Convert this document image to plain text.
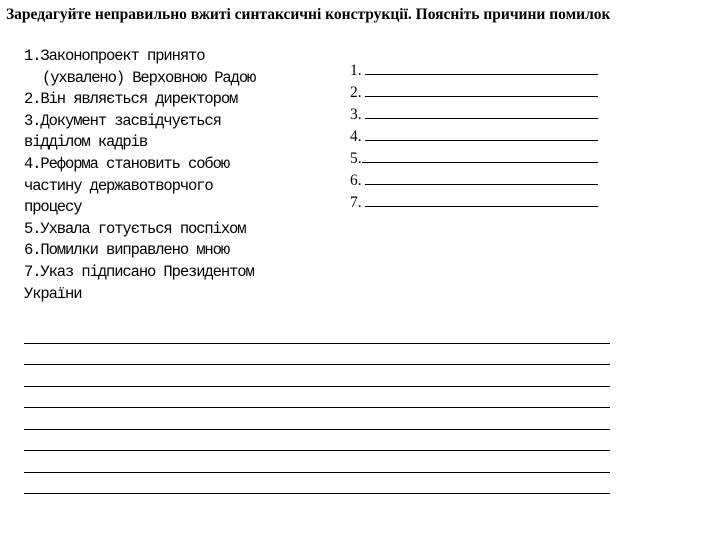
Заредагуйте неправильно вжиті синтаксичні конструкції. Поясніть причини помилок
1.Законопроект принято
(ухвалено) Верховною Радою
2.Він являється директором
3.Документ засвідчується
відділом кадрів
4.Реформа становить собою
частину державотворчого
процесу
5.Ухвала готується поспіхом
6.Помилки виправлено мною
7.Указ підписано Президентом
України
1.
2.
3.
4.
5.
6.
7.
